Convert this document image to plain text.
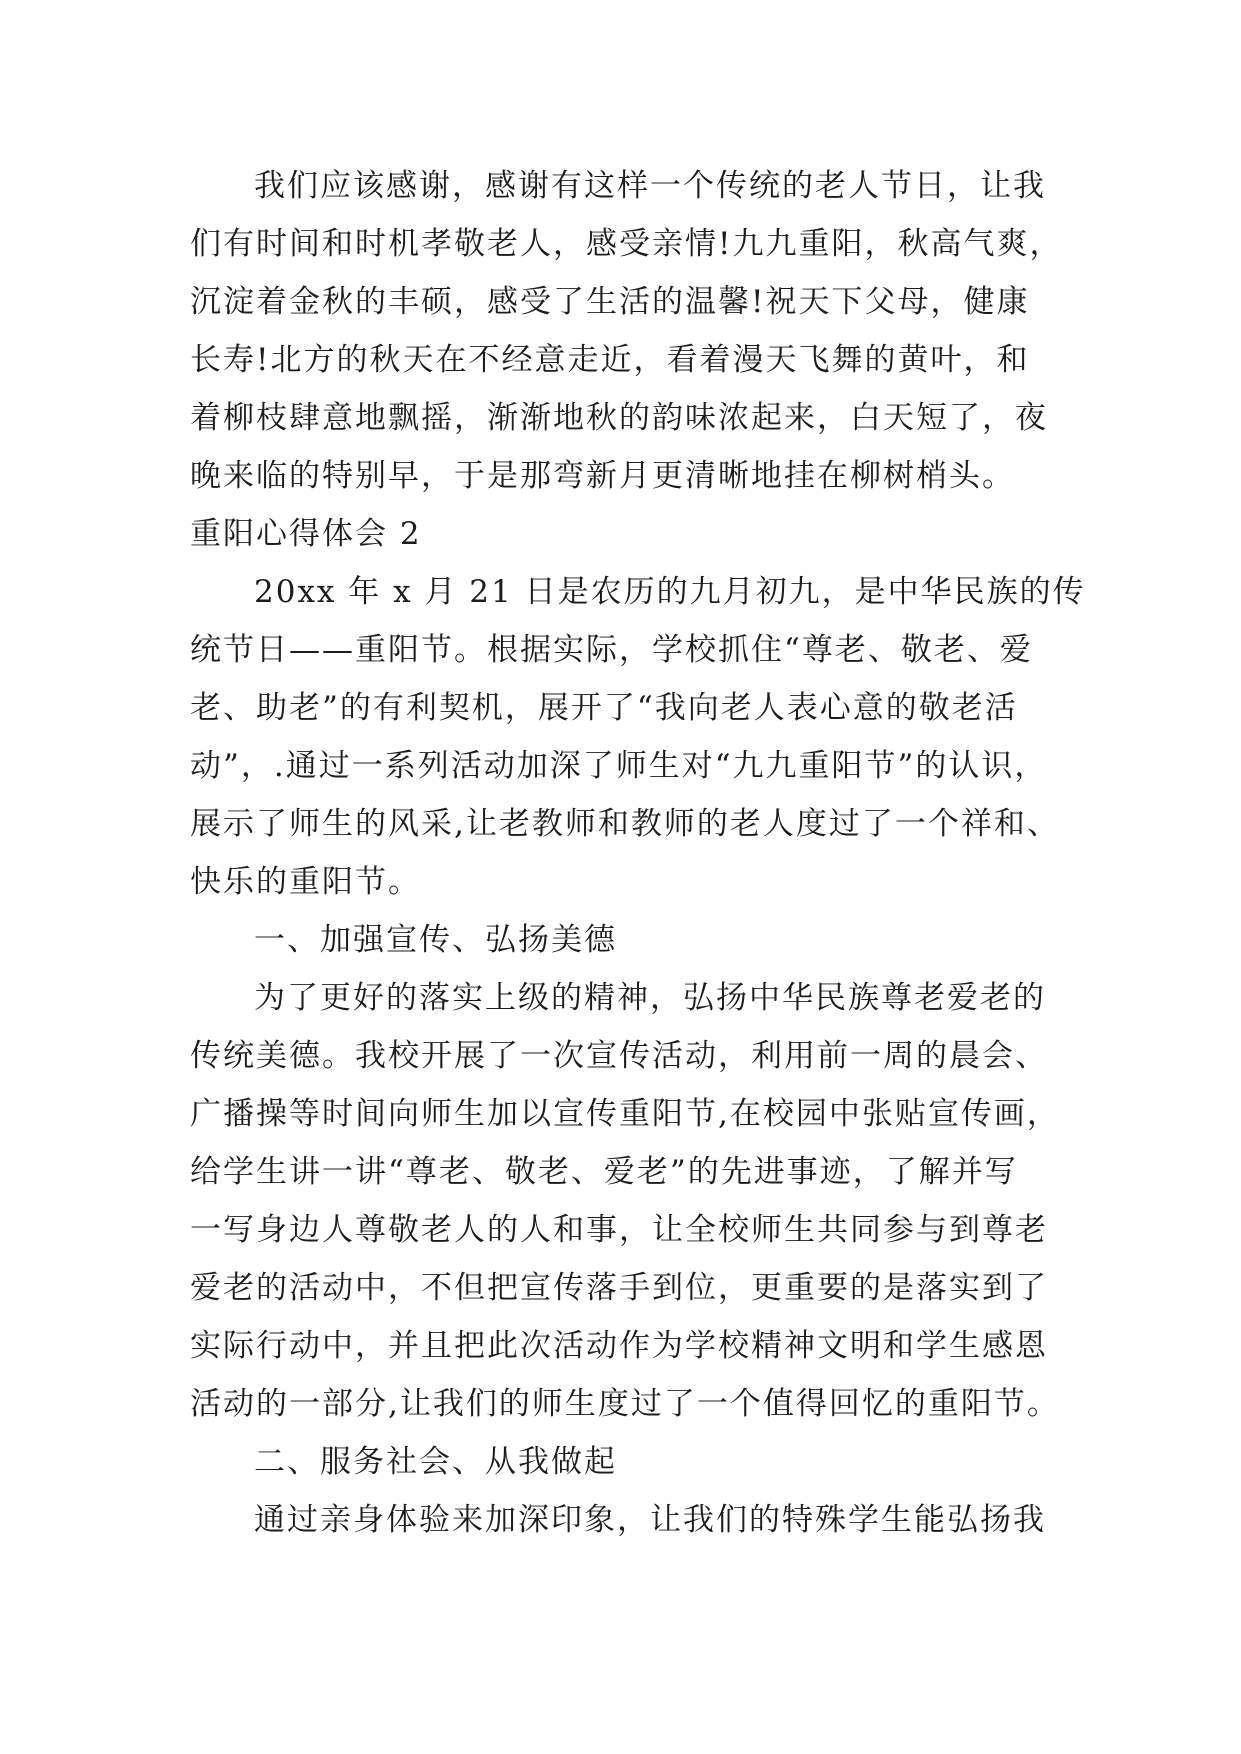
我们应该感谢，感谢有这样一个传统的老人节日，让我
们有时间和时机孝敬老人，感受亲情!九九重阳，秋高气爽，
沉淀着金秋的丰硕，感受了生活的温馨!祝天下父母，健康
长寿!北方的秋天在不经意走近，看着漫天飞舞的黄叶，和
着柳枝肆意地飘摇，渐渐地秋的韵味浓起来，白天短了，夜
晚来临的特别早，于是那弯新月更清晰地挂在柳树梢头。
重阳心得体会 2
20xx 年 x 月 21 日是农历的九月初九，是中华民族的传
统节日——重阳节。根据实际，学校抓住“尊老、敬老、爱
老、助老”的有利契机，展开了“我向老人表心意的敬老活
动”，.通过一系列活动加深了师生对“九九重阳节”的认识，
展示了师生的风采,让老教师和教师的老人度过了一个祥和、
快乐的重阳节。
一、加强宣传、弘扬美德
为了更好的落实上级的精神，弘扬中华民族尊老爱老的
传统美德。我校开展了一次宣传活动，利用前一周的晨会、
广播操等时间向师生加以宣传重阳节,在校园中张贴宣传画，
给学生讲一讲“尊老、敬老、爱老”的先进事迹，了解并写
一写身边人尊敬老人的人和事，让全校师生共同参与到尊老
爱老的活动中，不但把宣传落手到位，更重要的是落实到了
实际行动中，并且把此次活动作为学校精神文明和学生感恩
活动的一部分,让我们的师生度过了一个值得回忆的重阳节。
二、服务社会、从我做起
通过亲身体验来加深印象，让我们的特殊学生能弘扬我
